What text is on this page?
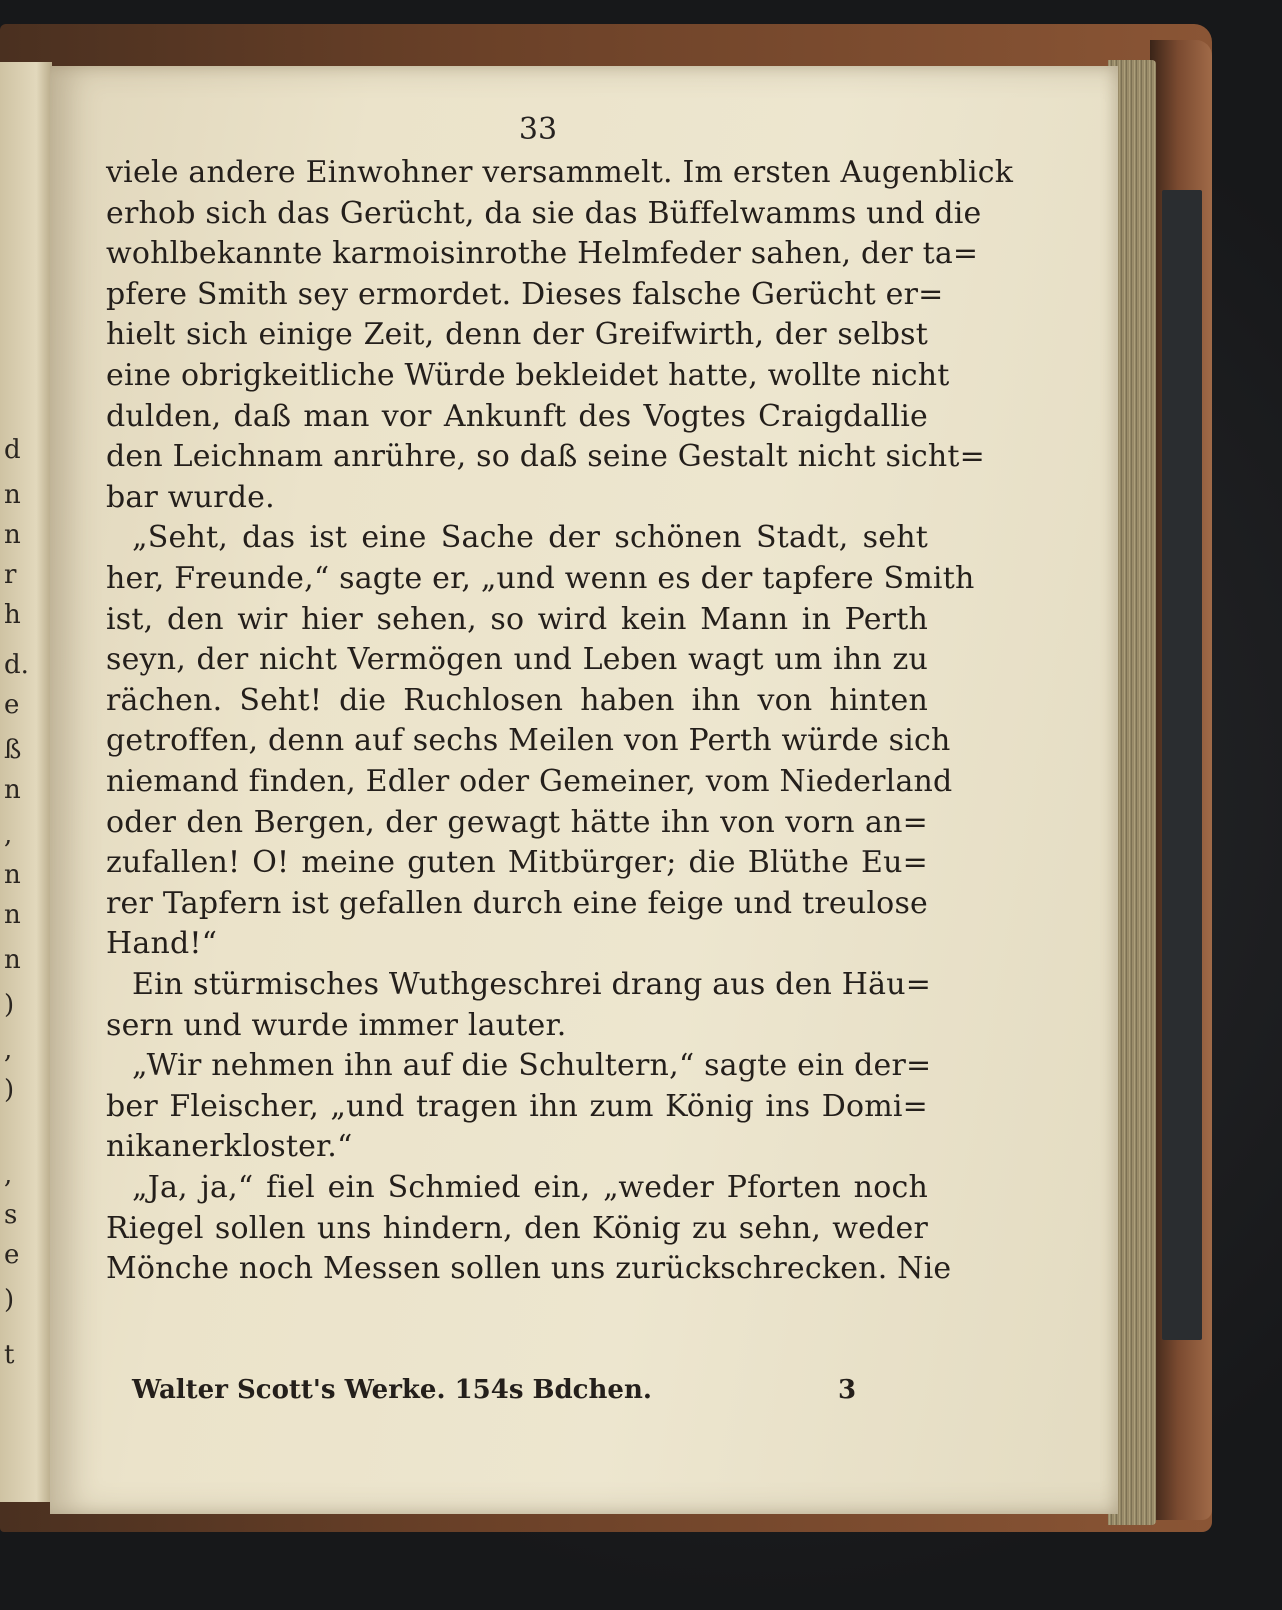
d
n
n
r
h
d.
e
ß
n
,
n
n
n
)
,
)
,
s
e
)
t
33
viele andere Einwohner versammelt. Im ersten Augenblick
erhob sich das Gerücht, da sie das Büffelwamms und die
wohlbekannte karmoisinrothe Helmfeder sahen, der ta=
pfere Smith sey ermordet. Dieses falsche Gerücht er=
hielt sich einige Zeit, denn der Greifwirth, der selbst
eine obrigkeitliche Würde bekleidet hatte, wollte nicht
dulden, daß man vor Ankunft des Vogtes Craigdallie
den Leichnam anrühre, so daß seine Gestalt nicht sicht=
bar wurde.
„Seht, das ist eine Sache der schönen Stadt, seht
her, Freunde,“ sagte er, „und wenn es der tapfere Smith
ist, den wir hier sehen, so wird kein Mann in Perth
seyn, der nicht Vermögen und Leben wagt um ihn zu
rächen. Seht! die Ruchlosen haben ihn von hinten
getroffen, denn auf sechs Meilen von Perth würde sich
niemand finden, Edler oder Gemeiner, vom Niederland
oder den Bergen, der gewagt hätte ihn von vorn an=
zufallen! O! meine guten Mitbürger; die Blüthe Eu=
rer Tapfern ist gefallen durch eine feige und treulose
Hand!“
Ein stürmisches Wuthgeschrei drang aus den Häu=
sern und wurde immer lauter.
„Wir nehmen ihn auf die Schultern,“ sagte ein der=
ber Fleischer, „und tragen ihn zum König ins Domi=
nikanerkloster.“
„Ja, ja,“ fiel ein Schmied ein, „weder Pforten noch
Riegel sollen uns hindern, den König zu sehn, weder
Mönche noch Messen sollen uns zurückschrecken. Nie
Walter Scott's Werke. 154s Bdchen.	3
